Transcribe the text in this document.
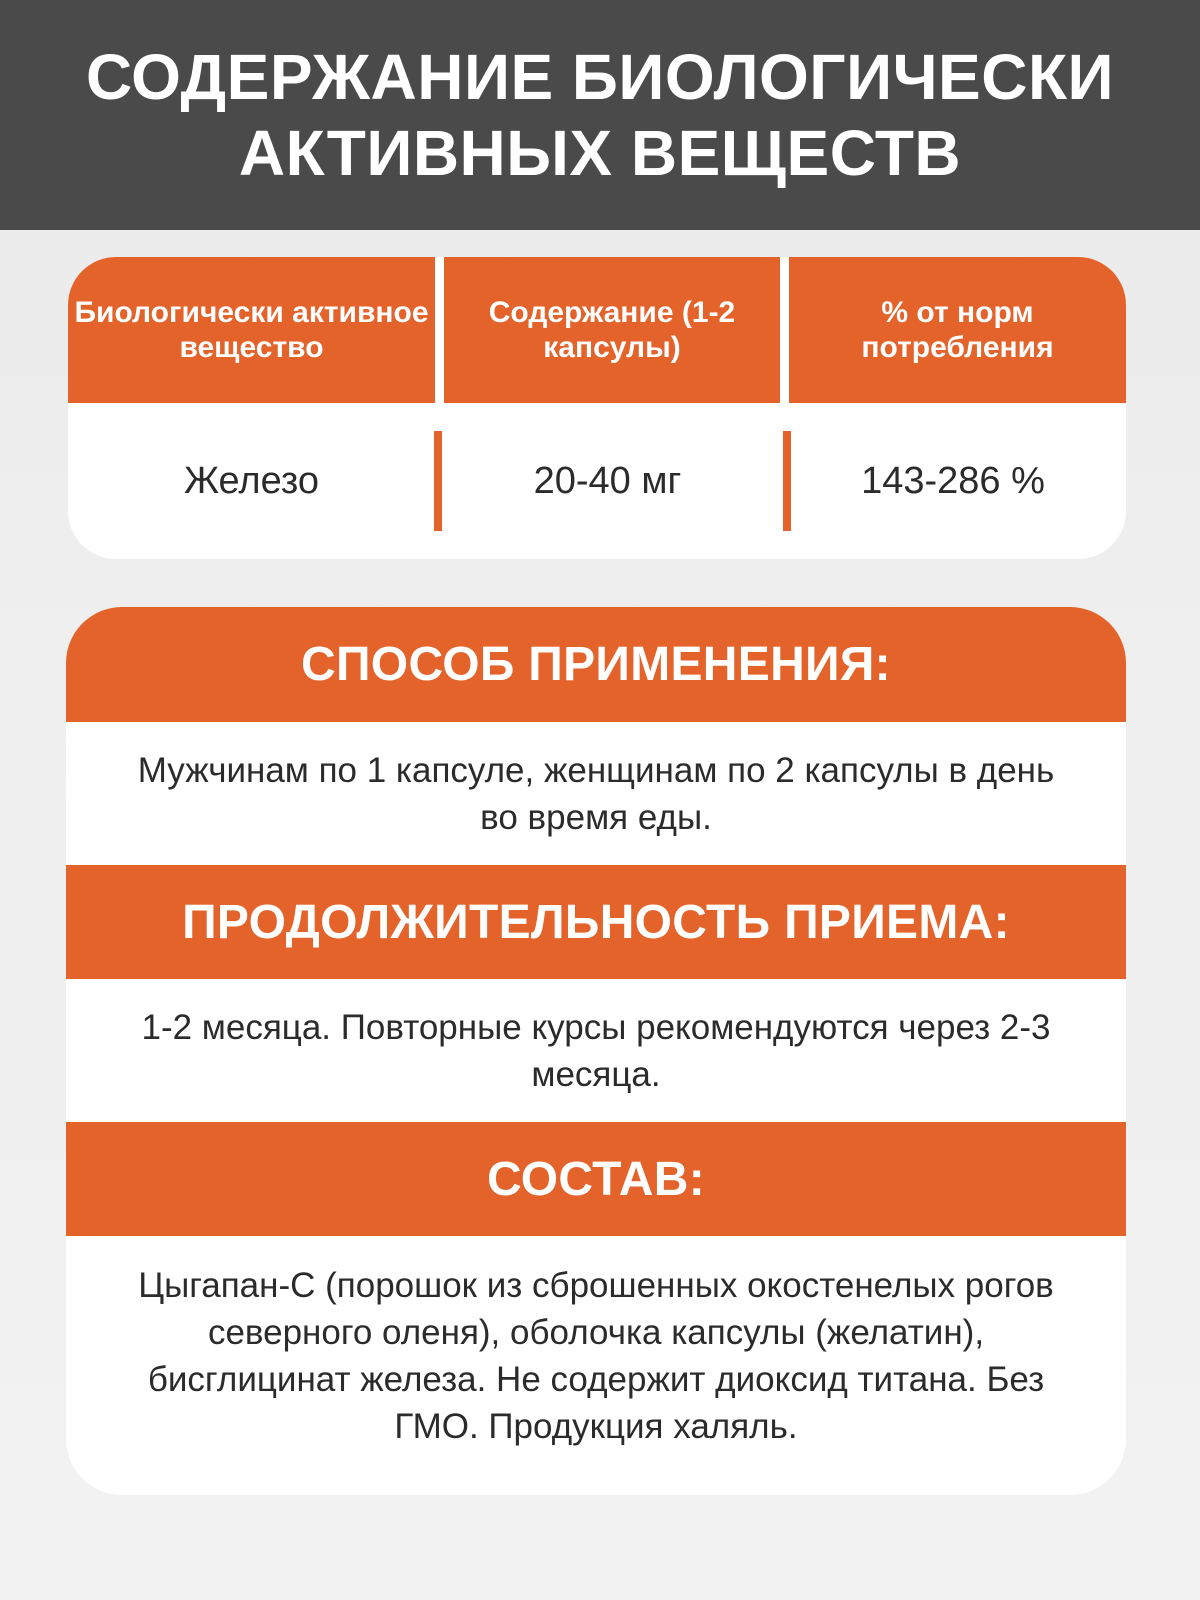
СОДЕРЖАНИЕ БИОЛОГИЧЕСКИ АКТИВНЫХ ВЕЩЕСТВ
Биологически активное вещество
Содержание (1-2 капсулы)
% от норм потребления
Железо	20-40 мг	143-286 %
СПОСОБ ПРИМЕНЕНИЯ:
Мужчинам по 1 капсуле, женщинам по 2 капсулы в день во время еды.
ПРОДОЛЖИТЕЛЬНОСТЬ ПРИЕМА:
1-2 месяца. Повторные курсы рекомендуются через 2-3 месяца.
СОСТАВ:
Цыгапан-С (порошок из сброшенных окостенелых рогов северного оленя), оболочка капсулы (желатин), бисглицинат железа. Не содержит диоксид титана. Без ГМО. Продукция халяль.
